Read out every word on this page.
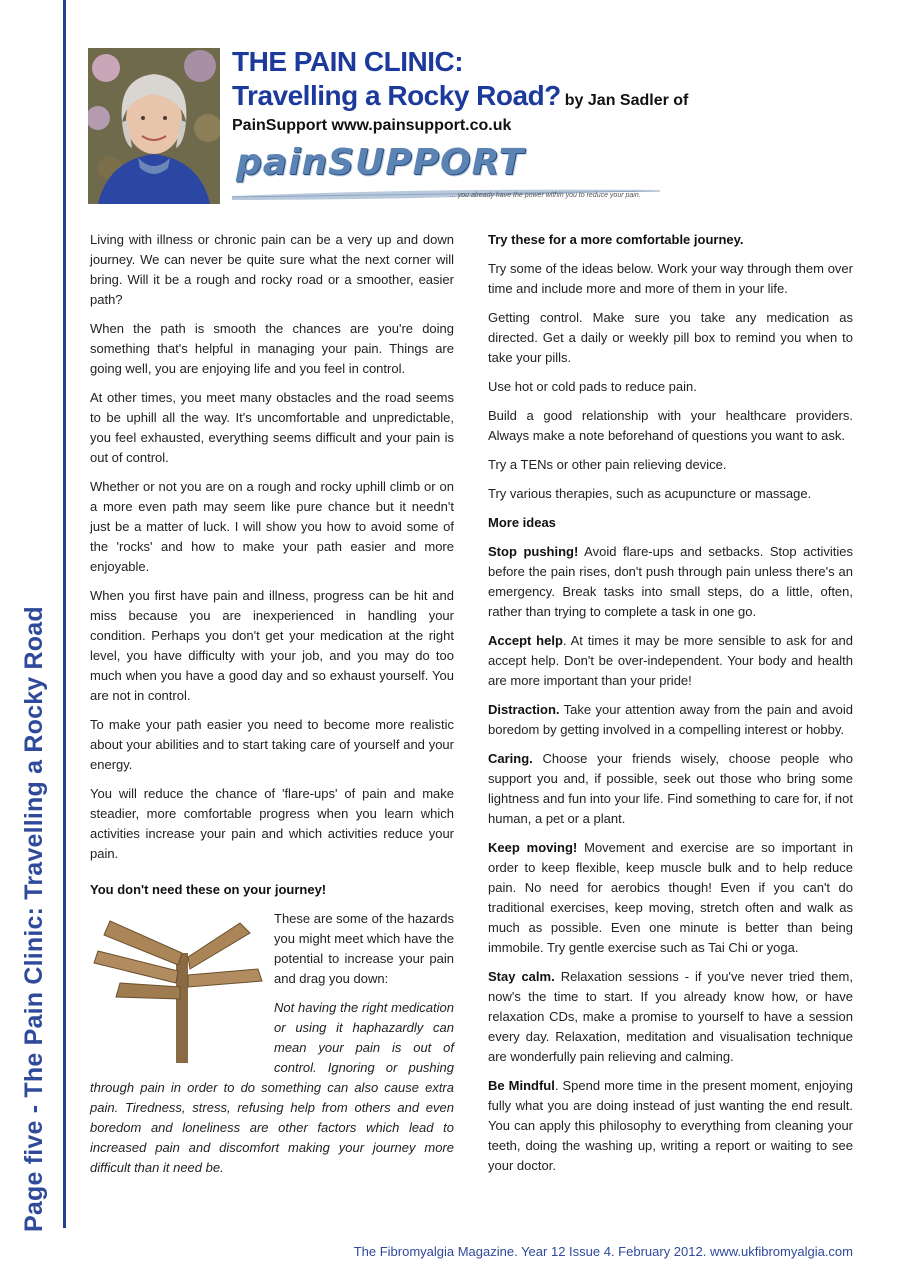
Page five - The Pain Clinic: Travelling a Rocky Road
THE PAIN CLINIC:
Travelling a Rocky Road? by Jan Sadler of
PainSupport www.painsupport.co.uk
painSUPPORT
... you already have the power within you to reduce your pain.

Living with illness or chronic pain can be a very up and down journey. We can never be quite sure what the next corner will bring. Will it be a rough and rocky road or a smoother, easier path?

When the path is smooth the chances are you're doing something that's helpful in managing your pain. Things are going well, you are enjoying life and you feel in control.

At other times, you meet many obstacles and the road seems to be uphill all the way. It's uncomfortable and unpredictable, you feel exhausted, everything seems difficult and your pain is out of control.

Whether or not you are on a rough and rocky uphill climb or on a more even path may seem like pure chance but it needn't just be a matter of luck. I will show you how to avoid some of the 'rocks' and how to make your path easier and more enjoyable.

When you first have pain and illness, progress can be hit and miss because you are inexperienced in handling your condition. Perhaps you don't get your medication at the right level, you have difficulty with your job, and you may do too much when you have a good day and so exhaust yourself. You are not in control.

To make your path easier you need to become more realistic about your abilities and to start taking care of yourself and your energy.

You will reduce the chance of 'flare-ups' of pain and make steadier, more comfortable progress when you learn which activities increase your pain and which activities reduce your pain.

You don't need these on your journey!

These are some of the hazards you might meet which have the potential to increase your pain and drag you down:

Not having the right medication or using it haphazardly can mean your pain is out of control. Ignoring or pushing through pain in order to do something can also cause extra pain. Tiredness, stress, refusing help from others and even boredom and loneliness are other factors which lead to increased pain and discomfort making your journey more difficult than it need be.

Try these for a more comfortable journey.

Try some of the ideas below. Work your way through them over time and include more and more of them in your life.

Getting control. Make sure you take any medication as directed. Get a daily or weekly pill box to remind you when to take your pills.

Use hot or cold pads to reduce pain.

Build a good relationship with your healthcare providers. Always make a note beforehand of questions you want to ask.

Try a TENs or other pain relieving device.

Try various therapies, such as acupuncture or massage.

More ideas

Stop pushing! Avoid flare-ups and setbacks. Stop activities before the pain rises, don't push through pain unless there's an emergency. Break tasks into small steps, do a little, often, rather than trying to complete a task in one go.

Accept help. At times it may be more sensible to ask for and accept help. Don't be over-independent. Your body and health are more important than your pride!

Distraction. Take your attention away from the pain and avoid boredom by getting involved in a compelling interest or hobby.

Caring. Choose your friends wisely, choose people who support you and, if possible, seek out those who bring some lightness and fun into your life. Find something to care for, if not human, a pet or a plant.

Keep moving! Movement and exercise are so important in order to keep flexible, keep muscle bulk and to help reduce pain. No need for aerobics though! Even if you can't do traditional exercises, keep moving, stretch often and walk as much as possible. Even one minute is better than being immobile. Try gentle exercise such as Tai Chi or yoga.

Stay calm. Relaxation sessions - if you've never tried them, now's the time to start. If you already know how, or have relaxation CDs, make a promise to yourself to have a session every day. Relaxation, meditation and visualisation technique are wonderfully pain relieving and calming.

Be Mindful. Spend more time in the present moment, enjoying fully what you are doing instead of just wanting the end result. You can apply this philosophy to everything from cleaning your teeth, doing the washing up, writing a report or waiting to see your doctor.

The Fibromyalgia Magazine. Year 12 Issue 4. February 2012. www.ukfibromyalgia.com
